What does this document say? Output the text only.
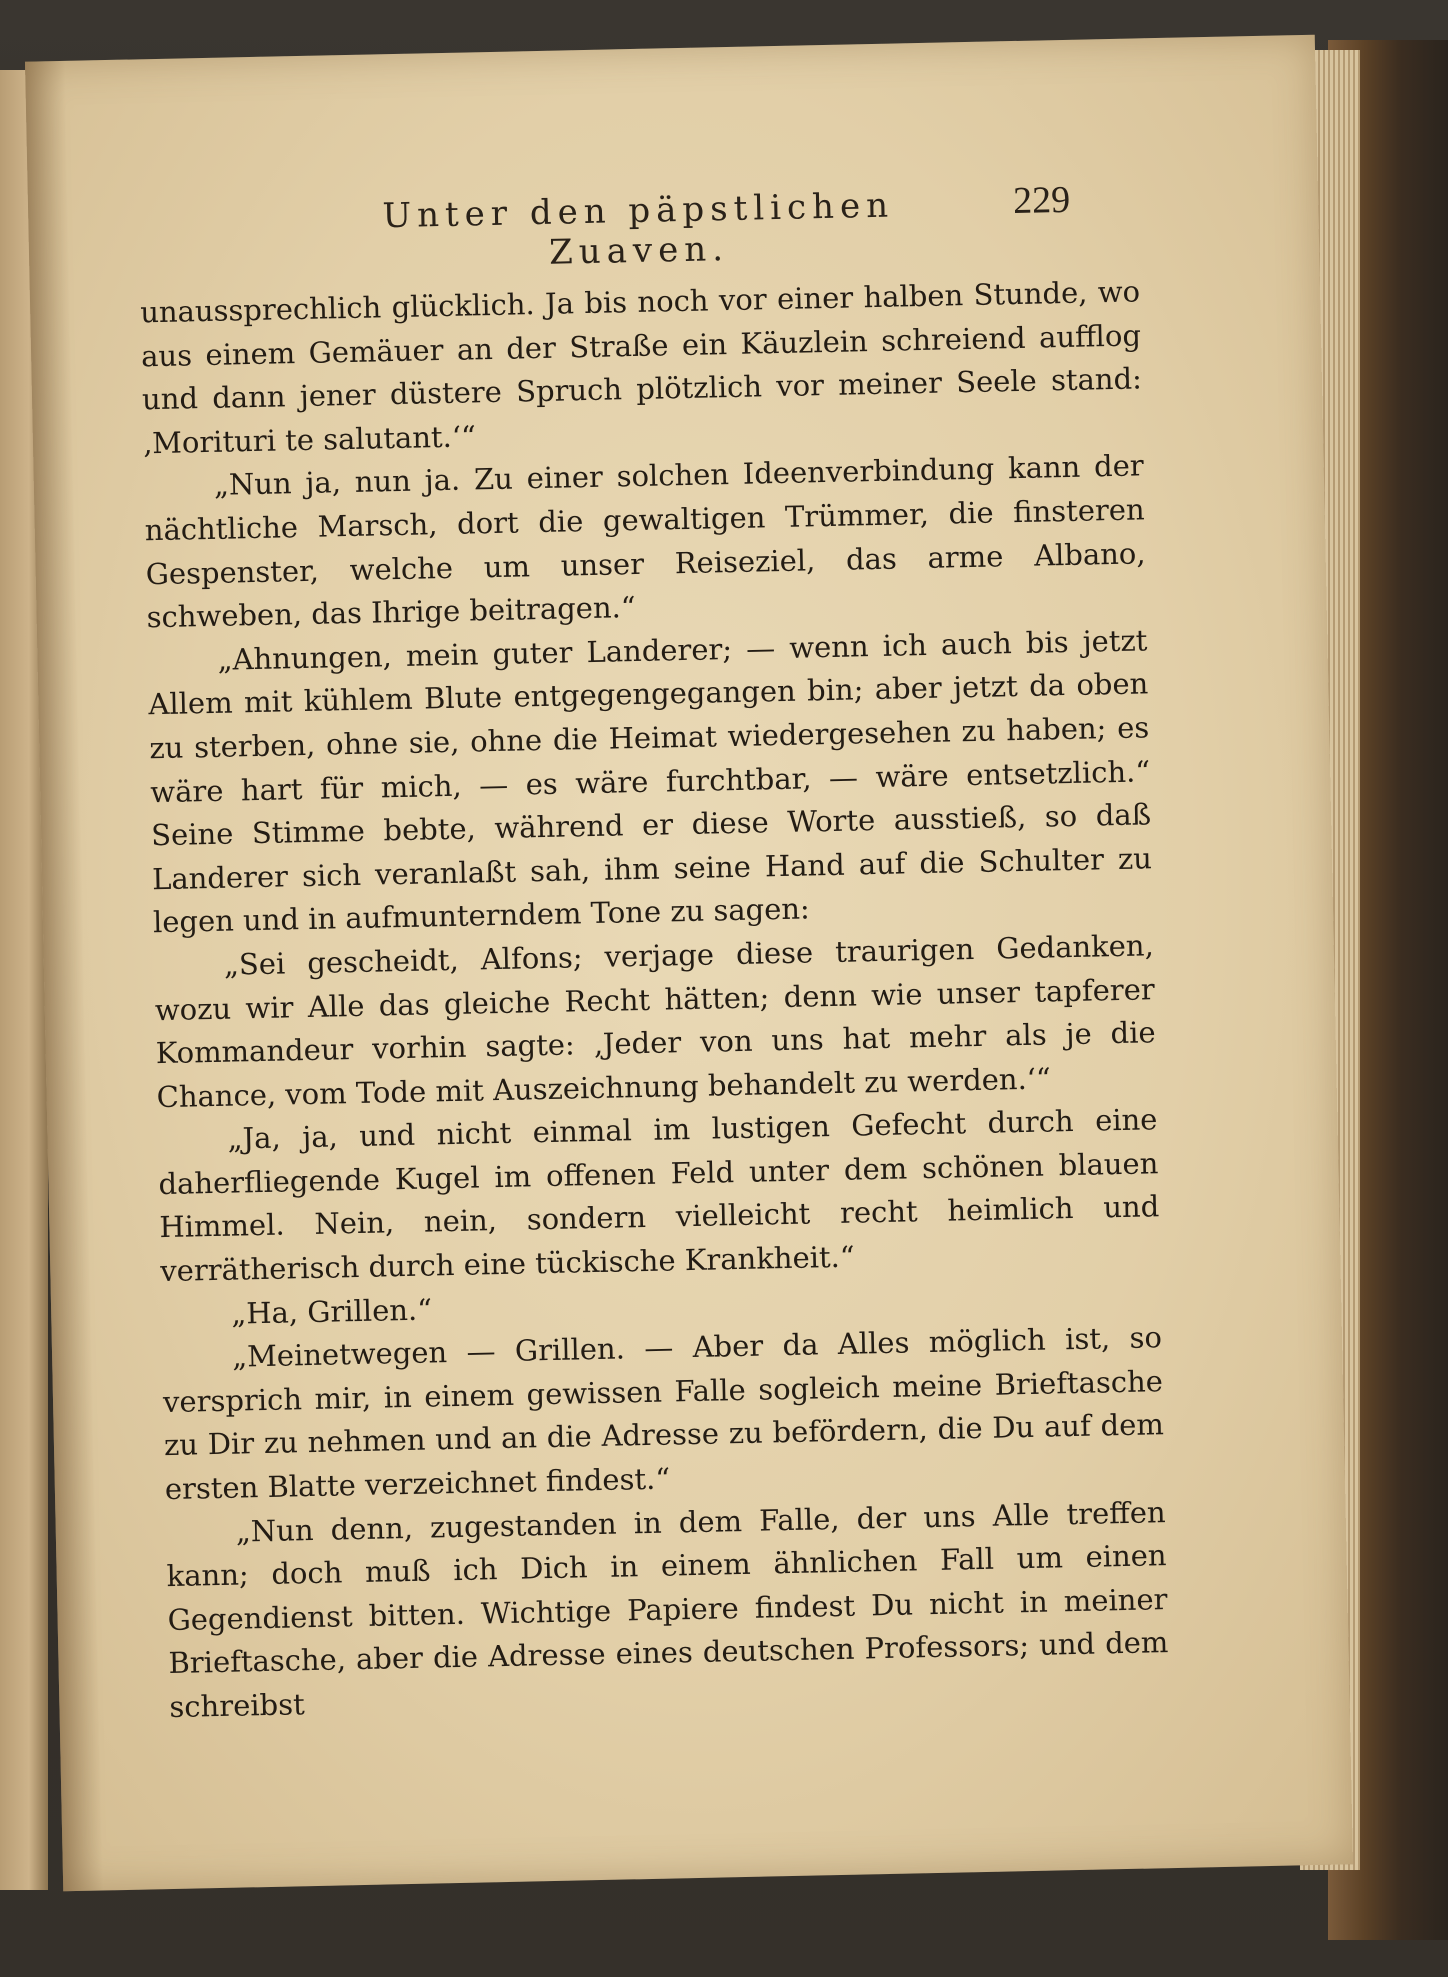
Unter den päpstlichen Zuaven.
229

unaussprechlich glücklich. Ja bis noch vor einer halben Stunde, wo aus einem Gemäuer an der Straße ein Käuzlein schreiend aufflog und dann jener düstere Spruch plötzlich vor meiner Seele stand: ‚Morituri te salutant.‘“

„Nun ja, nun ja. Zu einer solchen Ideenverbindung kann der nächtliche Marsch, dort die gewaltigen Trümmer, die finsteren Gespenster, welche um unser Reiseziel, das arme Albano, schweben, das Ihrige beitragen.“

„Ahnungen, mein guter Landerer; — wenn ich auch bis jetzt Allem mit kühlem Blute entgegengegangen bin; aber jetzt da oben zu sterben, ohne sie, ohne die Heimat wiedergesehen zu haben; es wäre hart für mich, — es wäre furchtbar, — wäre entsetzlich.“ Seine Stimme bebte, während er diese Worte ausstieß, so daß Landerer sich veranlaßt sah, ihm seine Hand auf die Schulter zu legen und in aufmunterndem Tone zu sagen:

„Sei gescheidt, Alfons; verjage diese traurigen Gedanken, wozu wir Alle das gleiche Recht hätten; denn wie unser tapferer Kommandeur vorhin sagte: ‚Jeder von uns hat mehr als je die Chance, vom Tode mit Auszeichnung behandelt zu werden.‘“

„Ja, ja, und nicht einmal im lustigen Gefecht durch eine daherfliegende Kugel im offenen Feld unter dem schönen blauen Himmel. Nein, nein, sondern vielleicht recht heimlich und verrätherisch durch eine tückische Krankheit.“

„Ha, Grillen.“

„Meinetwegen — Grillen. — Aber da Alles möglich ist, so versprich mir, in einem gewissen Falle sogleich meine Brieftasche zu Dir zu nehmen und an die Adresse zu befördern, die Du auf dem ersten Blatte verzeichnet findest.“

„Nun denn, zugestanden in dem Falle, der uns Alle treffen kann; doch muß ich Dich in einem ähnlichen Fall um einen Gegendienst bitten. Wichtige Papiere findest Du nicht in meiner Brieftasche, aber die Adresse eines deutschen Professors; und dem schreibst
